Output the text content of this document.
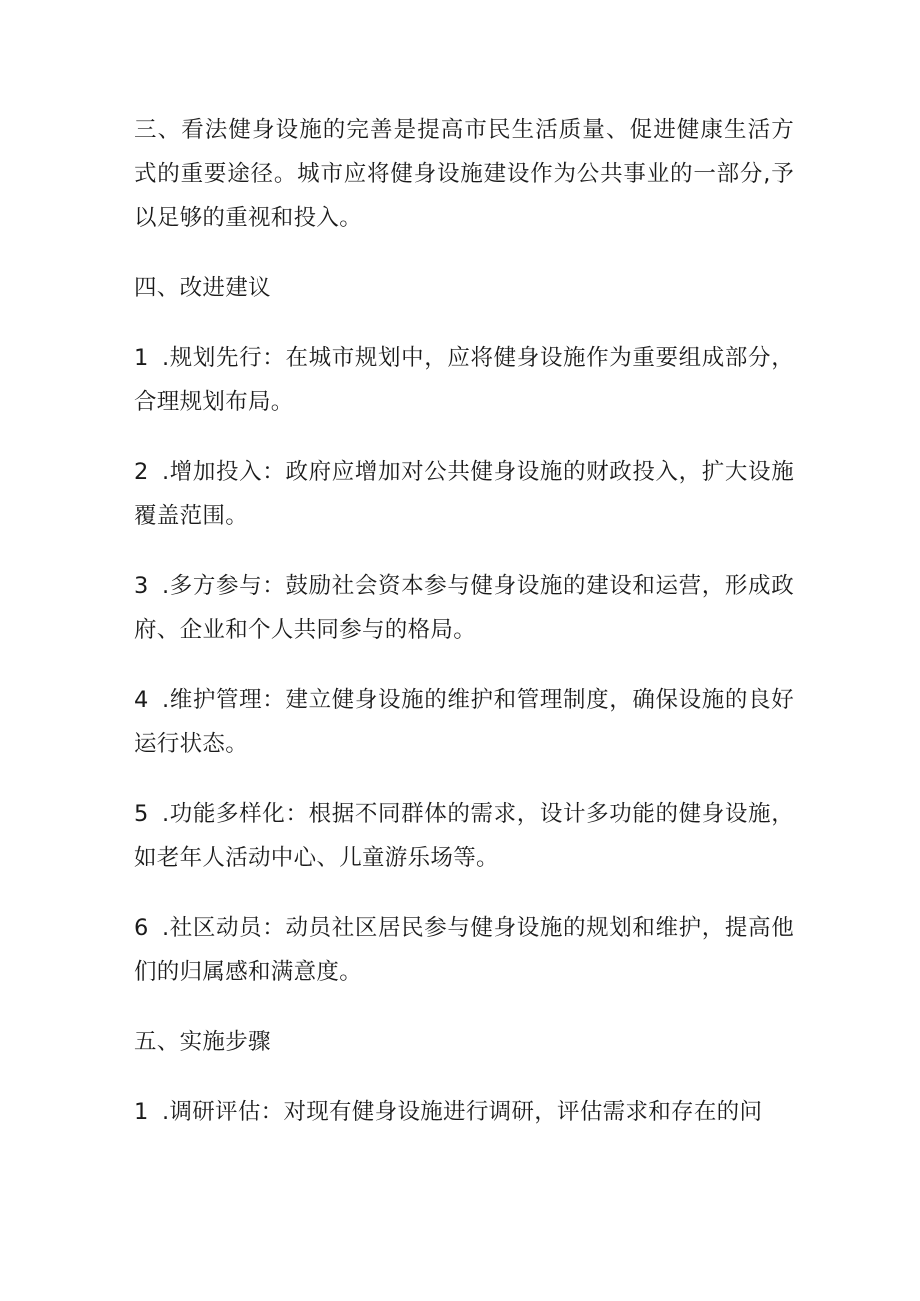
三、看法健身设施的完善是提高市民生活质量、促进健康生活方式的重要途径。城市应将健身设施建设作为公共事业的一部分,予以足够的重视和投入。

四、改进建议

1 .规划先行：在城市规划中，应将健身设施作为重要组成部分，合理规划布局。

2 .增加投入：政府应增加对公共健身设施的财政投入，扩大设施覆盖范围。

3 .多方参与：鼓励社会资本参与健身设施的建设和运营，形成政府、企业和个人共同参与的格局。

4 .维护管理：建立健身设施的维护和管理制度，确保设施的良好运行状态。

5 .功能多样化：根据不同群体的需求，设计多功能的健身设施，如老年人活动中心、儿童游乐场等。

6 .社区动员：动员社区居民参与健身设施的规划和维护，提高他们的归属感和满意度。

五、实施步骤

1 .调研评估：对现有健身设施进行调研，评估需求和存在的问
